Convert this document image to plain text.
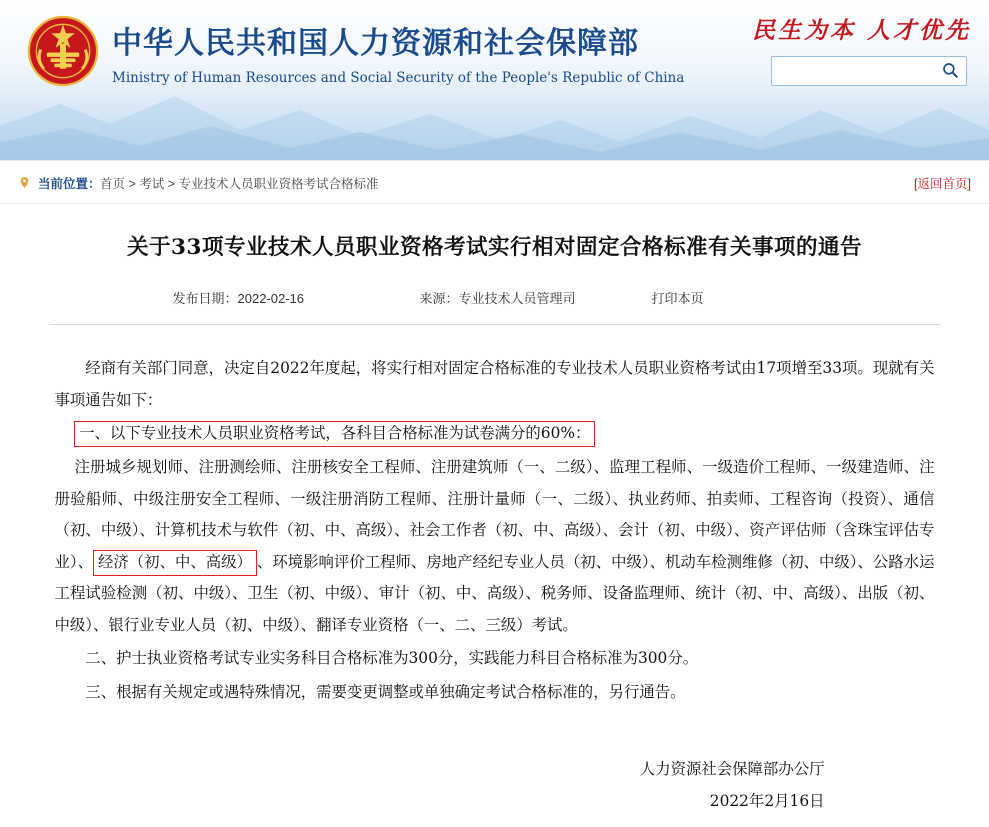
中华人民共和国人力资源和社会保障部
Ministry of Human Resources and Social Security of the People's Republic of China
民生为本 人才优先
当前位置： 首页 > 考试 > 专业技术人员职业资格考试合格标准	[返回首页]
关于33项专业技术人员职业资格考试实行相对固定合格标准有关事项的通告
发布日期：2022-02-16	来源：专业技术人员管理司	打印本页

经商有关部门同意，决定自2022年度起，将实行相对固定合格标准的专业技术人员职业资格考试由17项增至33项。现就有关事项通告如下：

一、以下专业技术人员职业资格考试，各科目合格标准为试卷满分的60%：

注册城乡规划师、注册测绘师、注册核安全工程师、注册建筑师（一、二级）、监理工程师、一级造价工程师、一级建造师、注册验船师、中级注册安全工程师、一级注册消防工程师、注册计量师（一、二级）、执业药师、拍卖师、工程咨询（投资）、通信（初、中级）、计算机技术与软件（初、中、高级）、社会工作者（初、中、高级）、会计（初、中级）、资产评估师（含珠宝评估专业）、 经济（初、中、高级） 、环境影响评价工程师、房地产经纪专业人员（初、中级）、机动车检测维修（初、中级）、公路水运工程试验检测（初、中级）、卫生（初、中级）、审计（初、中、高级）、税务师、设备监理师、统计（初、中、高级）、出版（初、中级）、银行业专业人员（初、中级）、翻译专业资格（一、二、三级）考试。

二、护士执业资格考试专业实务科目合格标准为300分，实践能力科目合格标准为300分。

三、根据有关规定或遇特殊情况，需要变更调整或单独确定考试合格标准的，另行通告。

人力资源社会保障部办公厅
2022年2月16日
